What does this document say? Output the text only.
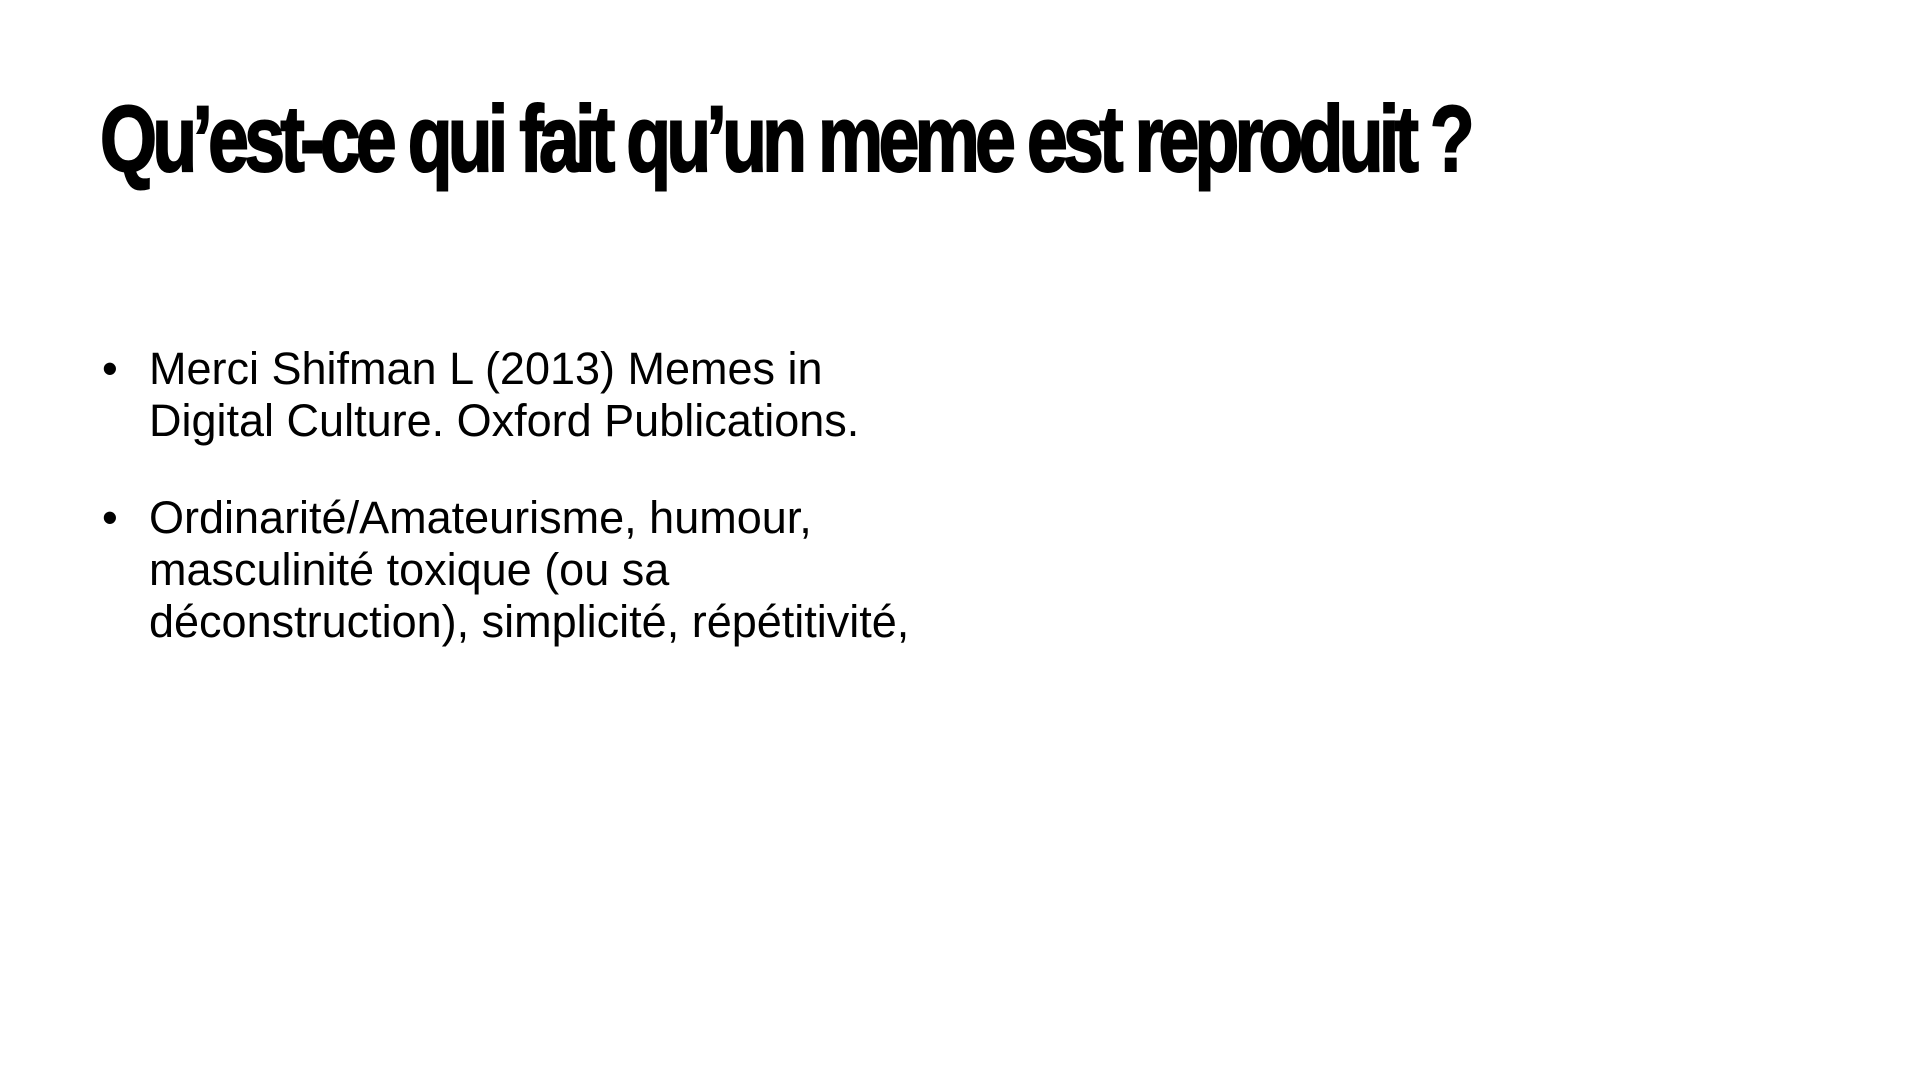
Qu’est-ce qui fait qu’un meme est reproduit ?
• Merci Shifman L (2013) Memes in Digital Culture. Oxford Publications.
• Ordinarité/Amateurisme, humour, masculinité toxique (ou sa déconstruction), simplicité, répétitivité,
